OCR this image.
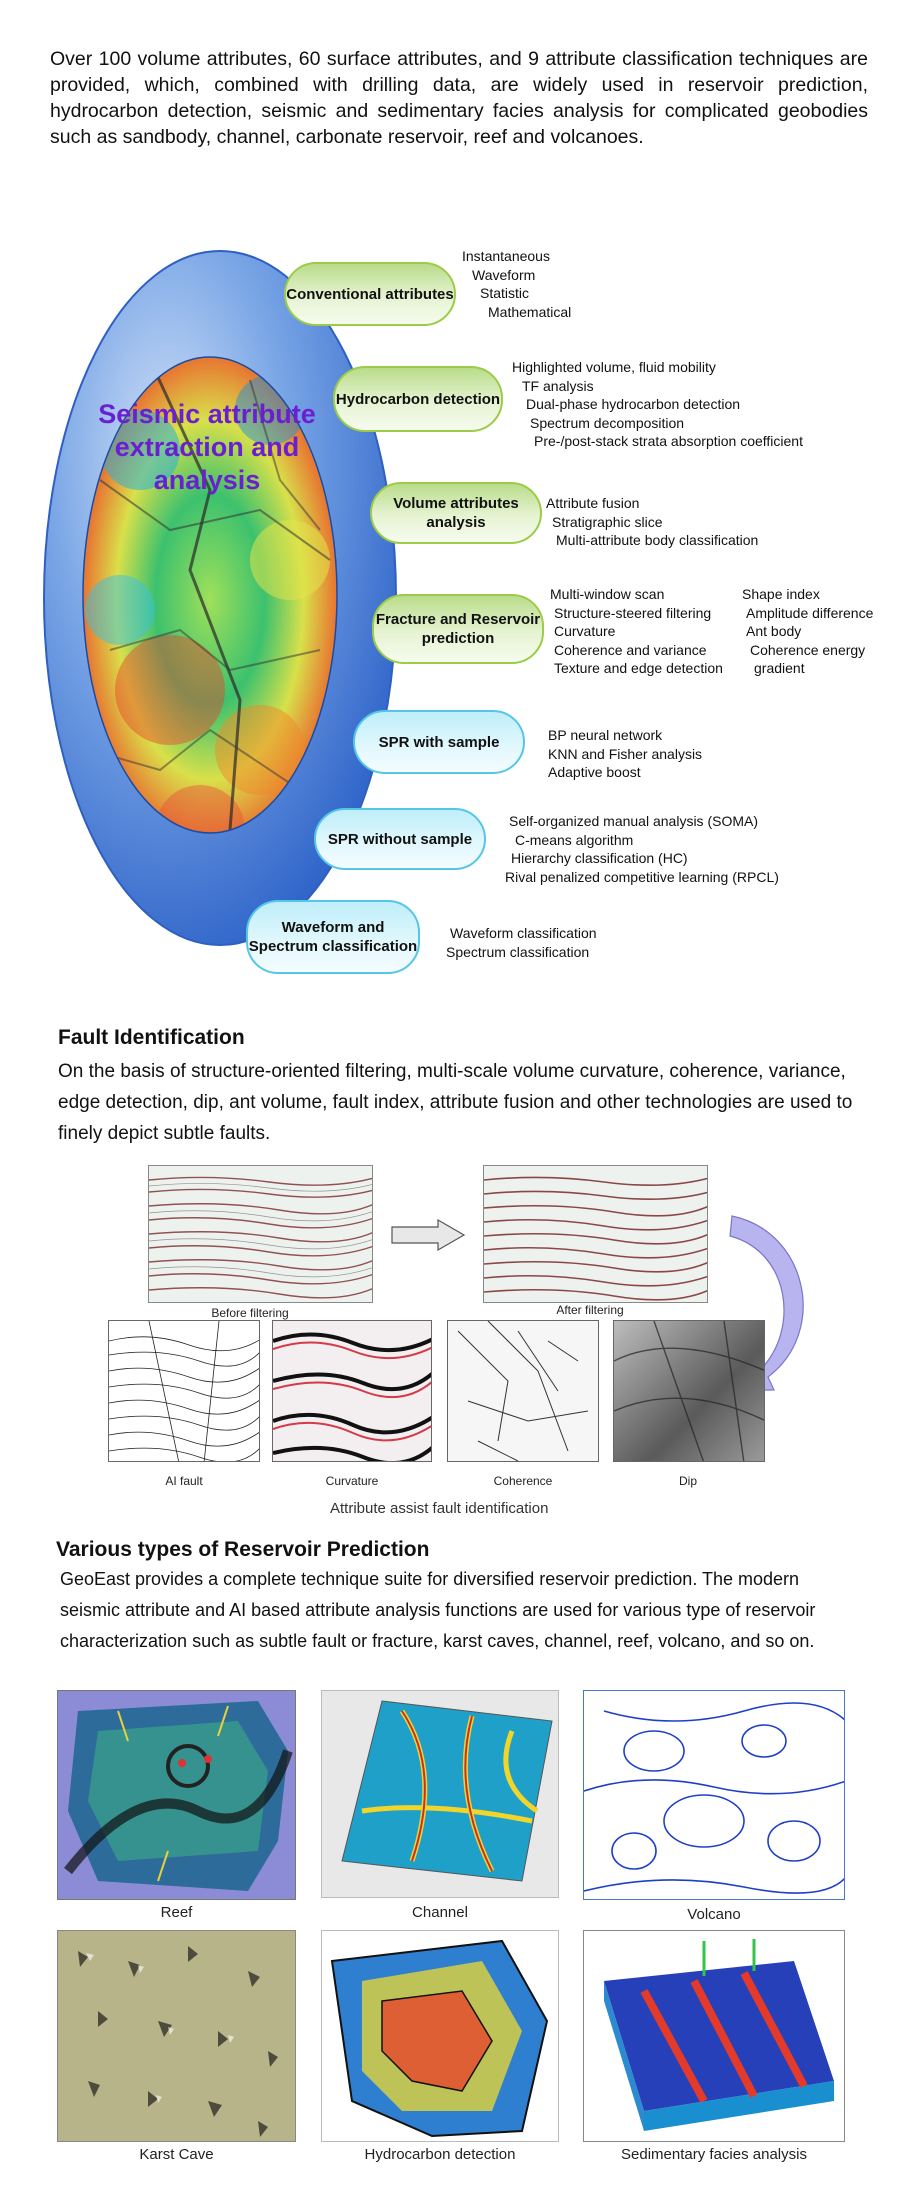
Over 100 volume attributes, 60 surface attributes, and 9 attribute classification techniques are provided, which, combined with drilling data, are widely used in reservoir prediction, hydrocarbon detection, seismic and sedimentary facies analysis for complicated geobodies such as sandbody, channel, carbonate reservoir, reef and volcanoes.
Seismic attribute extraction and analysis
Conventional attributes
Hydrocarbon detection
Volume attributes analysis
Fracture and Reservoir prediction
SPR with sample
SPR without sample
Waveform and Spectrum classification
Instantaneous
Waveform
Statistic
Mathematical
Highlighted volume, fluid mobility
TF analysis
Dual-phase hydrocarbon detection
Spectrum decomposition
Pre-/post-stack strata absorption coefficient
Attribute fusion
Stratigraphic slice
Multi-attribute body classification
Multi-window scan
Structure-steered filtering
Curvature
Coherence and variance
Texture and edge detection
Shape index
Amplitude difference
Ant body
Coherence energy
gradient
BP neural network
KNN and Fisher analysis
Adaptive boost
Self-organized manual analysis (SOMA)
C-means algorithm
Hierarchy classification (HC)
Rival penalized competitive learning (RPCL)
Waveform classification
Spectrum classification
Fault Identification
On the basis of structure-oriented filtering, multi-scale volume curvature, coherence, variance, edge detection, dip, ant volume, fault index, attribute fusion and other technologies are used to finely depict subtle faults.
Before filtering	After filtering
AI fault	Curvature	Coherence	Dip
Attribute assist fault identification
Various types of Reservoir Prediction
GeoEast provides a complete technique suite for diversified reservoir prediction. The modern seismic attribute and AI based attribute analysis functions are used for various type of reservoir characterization such as subtle fault or fracture, karst caves, channel, reef, volcano, and so on.
Reef	Channel	Volcano
Karst Cave	Hydrocarbon detection	Sedimentary facies analysis
